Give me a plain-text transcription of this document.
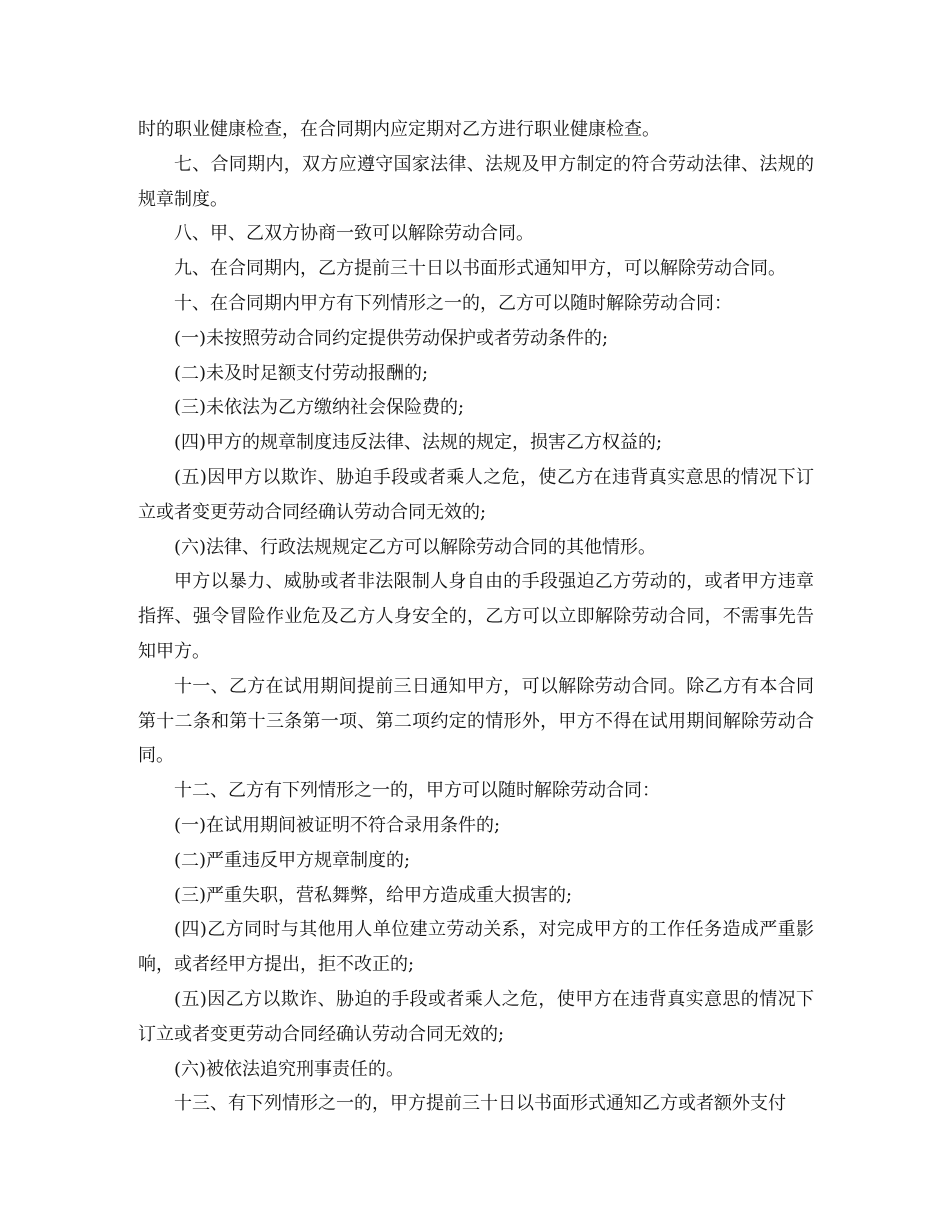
时的职业健康检查，在合同期内应定期对乙方进行职业健康检查。

七、合同期内，双方应遵守国家法律、法规及甲方制定的符合劳动法律、法规的规章制度。

八、甲、乙双方协商一致可以解除劳动合同。

九、在合同期内，乙方提前三十日以书面形式通知甲方，可以解除劳动合同。

十、在合同期内甲方有下列情形之一的，乙方可以随时解除劳动合同：

(一)未按照劳动合同约定提供劳动保护或者劳动条件的;

(二)未及时足额支付劳动报酬的;

(三)未依法为乙方缴纳社会保险费的;

(四)甲方的规章制度违反法律、法规的规定，损害乙方权益的;

(五)因甲方以欺诈、胁迫手段或者乘人之危，使乙方在违背真实意思的情况下订立或者变更劳动合同经确认劳动合同无效的;

(六)法律、行政法规规定乙方可以解除劳动合同的其他情形。

甲方以暴力、威胁或者非法限制人身自由的手段强迫乙方劳动的，或者甲方违章指挥、强令冒险作业危及乙方人身安全的，乙方可以立即解除劳动合同，不需事先告知甲方。

十一、乙方在试用期间提前三日通知甲方，可以解除劳动合同。除乙方有本合同第十二条和第十三条第一项、第二项约定的情形外，甲方不得在试用期间解除劳动合同。

十二、乙方有下列情形之一的，甲方可以随时解除劳动合同：

(一)在试用期间被证明不符合录用条件的;

(二)严重违反甲方规章制度的;

(三)严重失职，营私舞弊，给甲方造成重大损害的;

(四)乙方同时与其他用人单位建立劳动关系，对完成甲方的工作任务造成严重影响，或者经甲方提出，拒不改正的;

(五)因乙方以欺诈、胁迫的手段或者乘人之危，使甲方在违背真实意思的情况下订立或者变更劳动合同经确认劳动合同无效的;

(六)被依法追究刑事责任的。

十三、有下列情形之一的，甲方提前三十日以书面形式通知乙方或者额外支付
